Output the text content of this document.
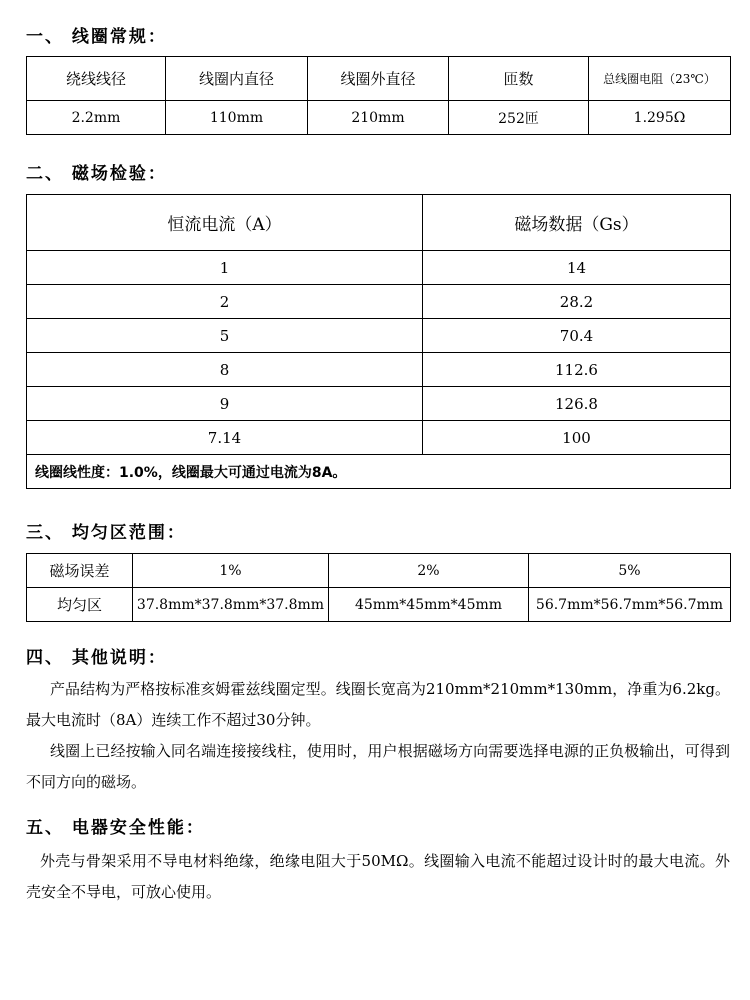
一、 线圈常规：
绕线线径	线圈内直径	线圈外直径	匝数	总线圈电阻（23℃）
2.2mm	110mm	210mm	252匝	1.295Ω
二、 磁场检验：
恒流电流（A）	磁场数据（Gs）
1	14
2	28.2
5	70.4
8	112.6
9	126.8
7.14	100
线圈线性度：1.0%，线圈最大可通过电流为8A。	
三、 均匀区范围：
磁场误差	1%	2%	5%
均匀区	37.8mm*37.8mm*37.8mm	45mm*45mm*45mm	56.7mm*56.7mm*56.7mm
四、 其他说明：

产品结构为严格按标准亥姆霍兹线圈定型。线圈长宽高为210mm*210mm*130mm，净重为6.2kg。最大电流时（8A）连续工作不超过30分钟。

线圈上已经按输入同名端连接接线柱，使用时，用户根据磁场方向需要选择电源的正负极输出，可得到不同方向的磁场。

五、 电器安全性能：

外壳与骨架采用不导电材料绝缘，绝缘电阻大于50MΩ。线圈输入电流不能超过设计时的最大电流。外壳安全不导电，可放心使用。
